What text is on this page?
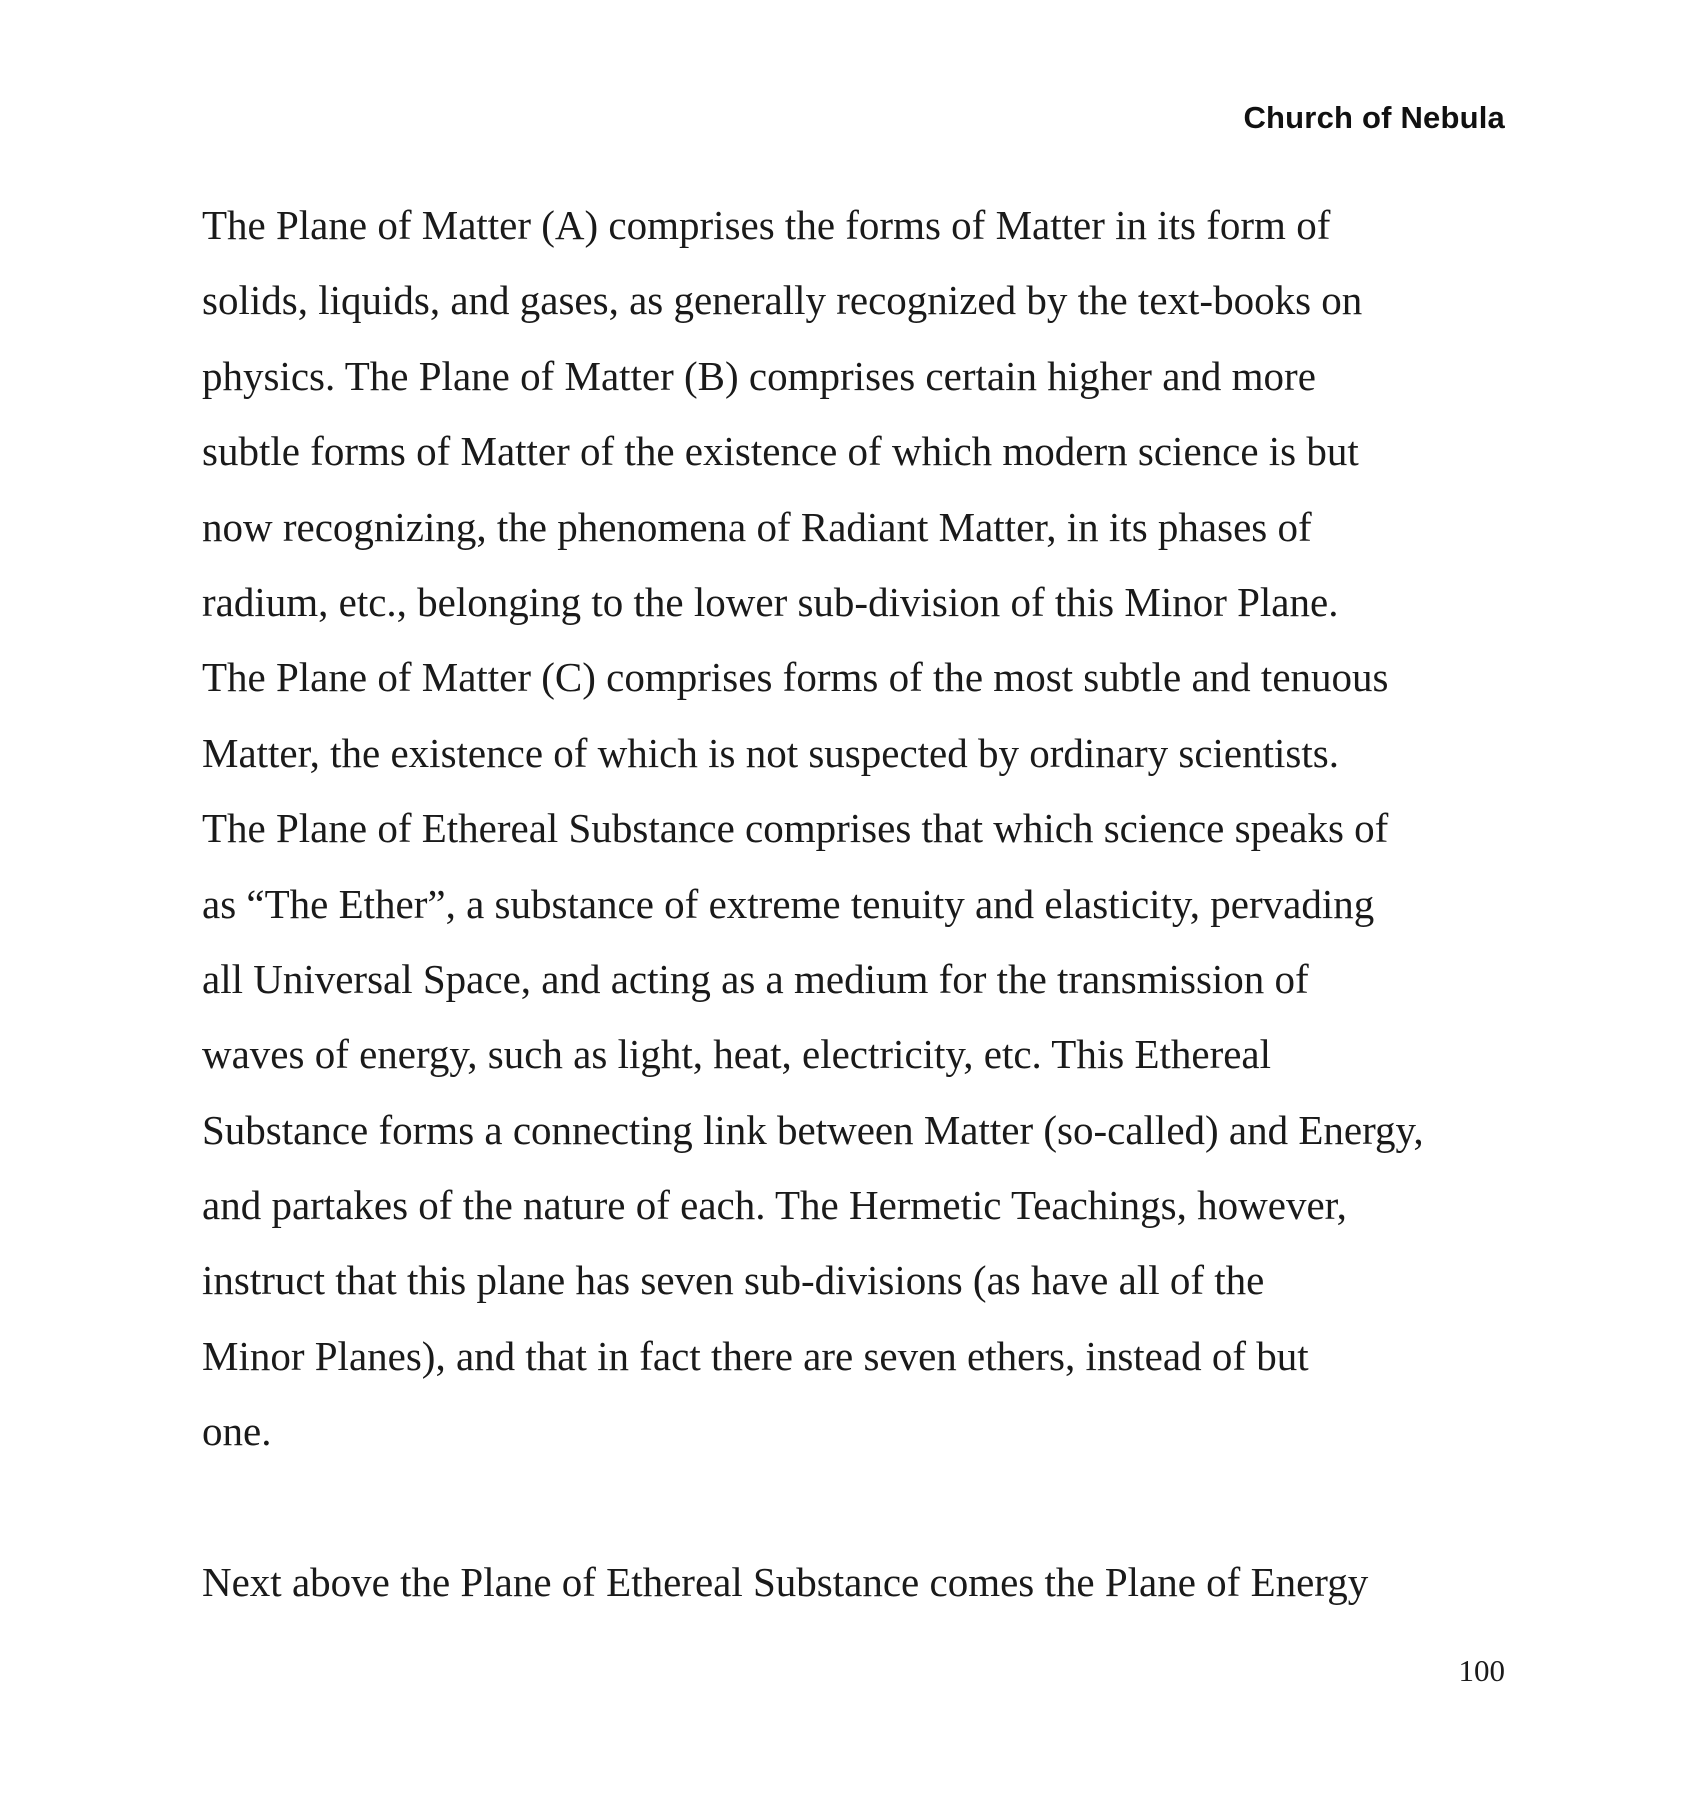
Church of Nebula
The Plane of Matter (A) comprises the forms of Matter in its form of
solids, liquids, and gases, as generally recognized by the text-books on
physics. The Plane of Matter (B) comprises certain higher and more
subtle forms of Matter of the existence of which modern science is but
now recognizing, the phenomena of Radiant Matter, in its phases of
radium, etc., belonging to the lower sub-division of this Minor Plane.
The Plane of Matter (C) comprises forms of the most subtle and tenuous
Matter, the existence of which is not suspected by ordinary scientists.
The Plane of Ethereal Substance comprises that which science speaks of
as “The Ether”, a substance of extreme tenuity and elasticity, pervading
all Universal Space, and acting as a medium for the transmission of
waves of energy, such as light, heat, electricity, etc. This Ethereal
Substance forms a connecting link between Matter (so-called) and Energy,
and partakes of the nature of each. The Hermetic Teachings, however,
instruct that this plane has seven sub-divisions (as have all of the
Minor Planes), and that in fact there are seven ethers, instead of but
one.
Next above the Plane of Ethereal Substance comes the Plane of Energy
100
